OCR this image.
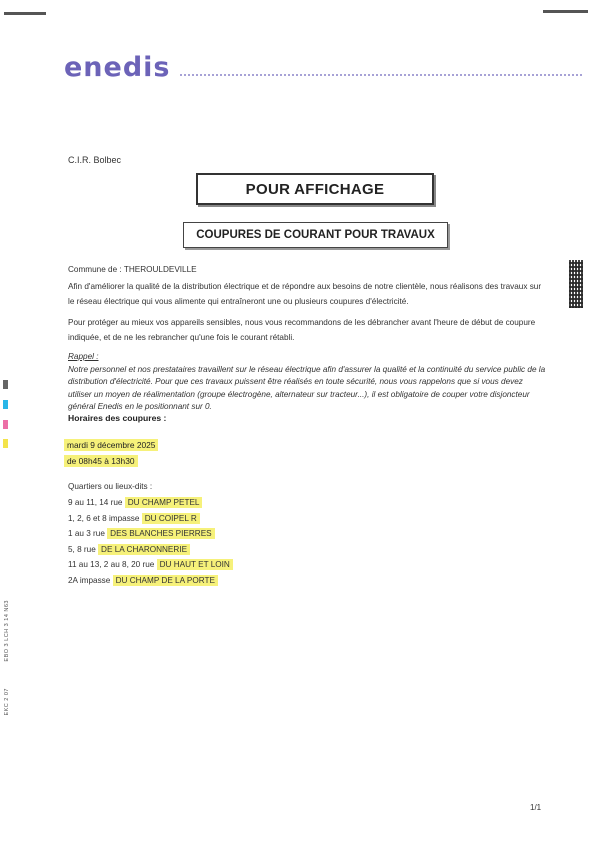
enedis
C.I.R. Bolbec
POUR AFFICHAGE
COUPURES DE COURANT POUR TRAVAUX
Commune de : THEROULDEVILLE
Afin d'améliorer la qualité de la distribution électrique et de répondre aux besoins de notre clientèle, nous réalisons des travaux sur le réseau électrique qui vous alimente qui entraîneront une ou plusieurs coupures d'électricité.
Pour protéger au mieux vos appareils sensibles, nous vous recommandons de les débrancher avant l'heure de début de coupure indiquée, et de ne les rebrancher qu'une fois le courant rétabli.
Rappel :
Notre personnel et nos prestataires travaillent sur le réseau électrique afin d'assurer la qualité et la continuité du service public de la distribution d'électricité. Pour que ces travaux puissent être réalisés en toute sécurité, nous vous rappelons que si vous devez utiliser un moyen de réalimentation (groupe électrogène, alternateur sur tracteur...), il est obligatoire de couper votre disjoncteur général Enedis en le positionnant sur 0.
Horaires des coupures :
mardi 9 décembre 2025
de 08h45 à 13h30
Quartiers ou lieux-dits :
9 au 11, 14 rue DU CHAMP PETEL
1, 2, 6 et 8 impasse DU COIPEL R
1 au 3 rue DES BLANCHES PIERRES
5, 8 rue DE LA CHARONNERIE
11 au 13, 2 au 8, 20 rue DU HAUT ET LOIN
2A impasse DU CHAMP DE LA PORTE
EBO 3 LCH 3 14 N63
EKC 2 07
1/1
